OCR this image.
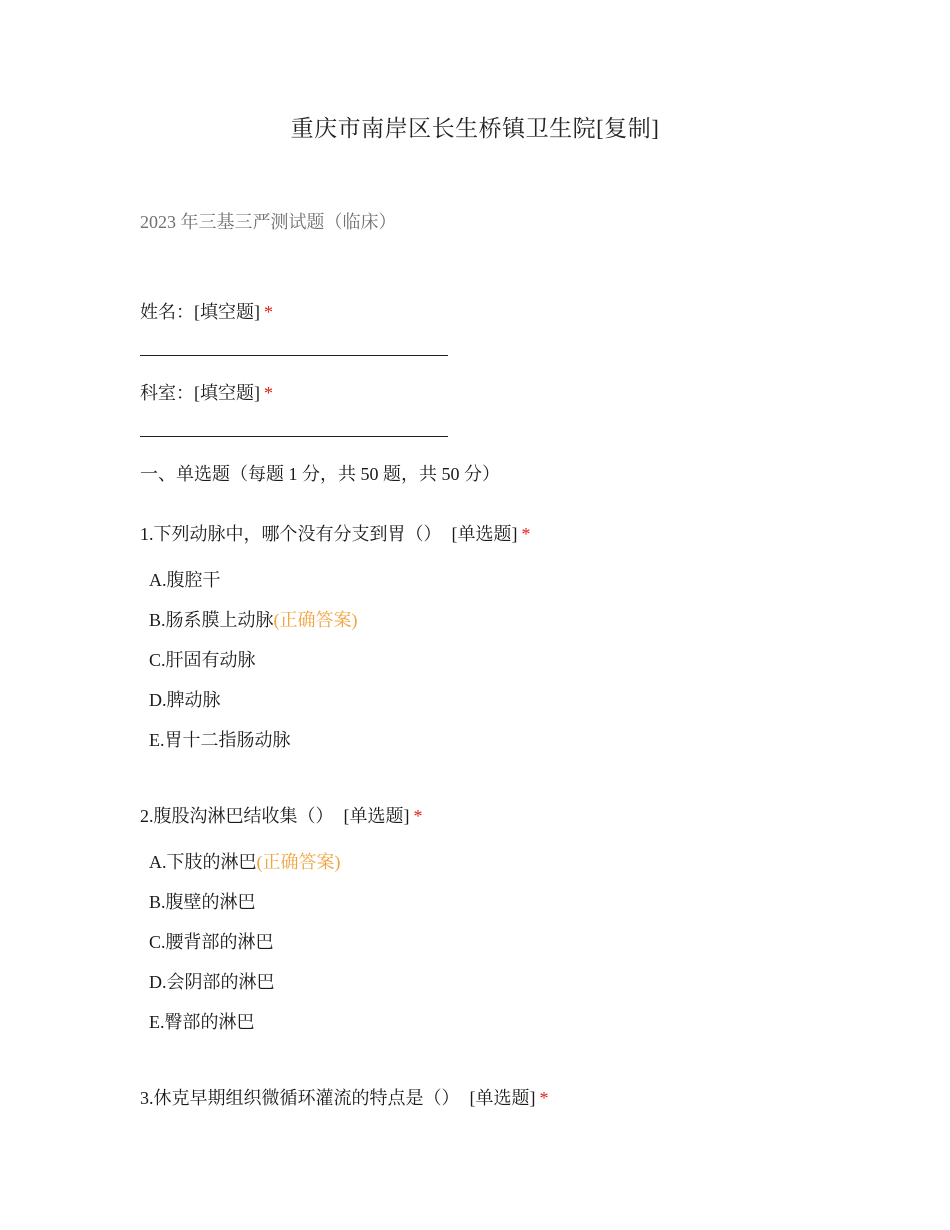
重庆市南岸区长生桥镇卫生院[复制]
2023 年三基三严测试题（临床）
姓名：[填空题] *
科室：[填空题] *
一、单选题（每题 1 分，共 50 题，共 50 分）
1.下列动脉中，哪个没有分支到胃（） [单选题] *
A.腹腔干
B.肠系膜上动脉(正确答案)
C.肝固有动脉
D.脾动脉
E.胃十二指肠动脉
2.腹股沟淋巴结收集（） [单选题] *
A.下肢的淋巴(正确答案)
B.腹壁的淋巴
C.腰背部的淋巴
D.会阴部的淋巴
E.臀部的淋巴
3.休克早期组织微循环灌流的特点是（） [单选题] *
